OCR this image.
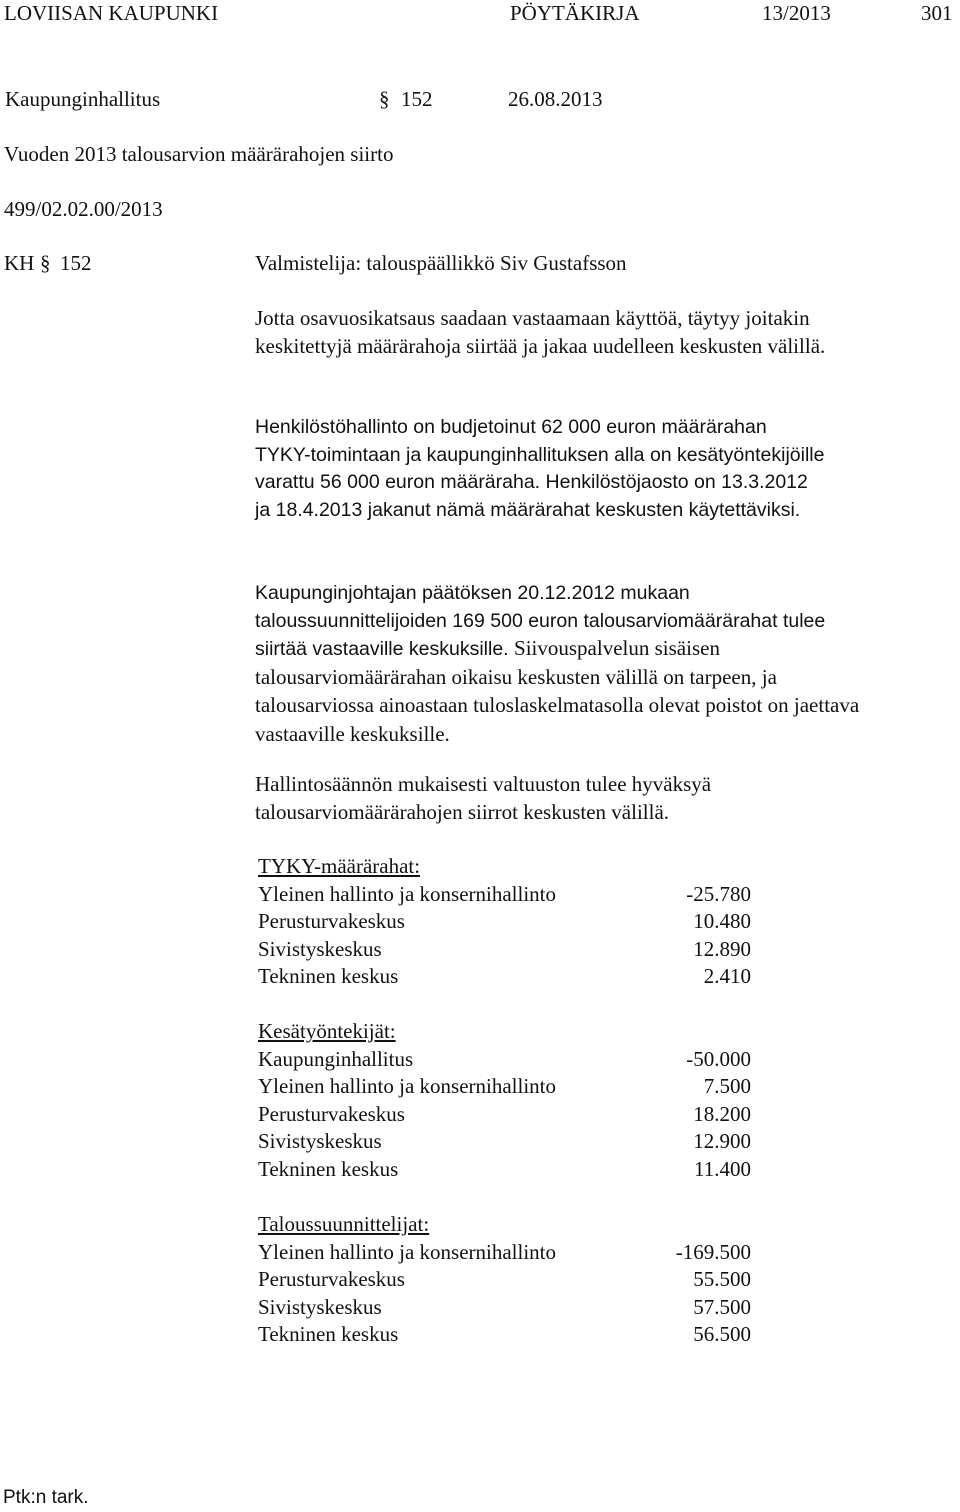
LOVIISAN KAUPUNKI	PÖYTÄKIRJA	13/2013	301
Kaupunginhallitus	§ 152	26.08.2013
Vuoden 2013 talousarvion määrärahojen siirto
499/02.02.00/2013
KH § 152	Valmistelija: talouspäällikkö Siv Gustafsson

Jotta osavuosikatsaus saadaan vastaamaan käyttöä, täytyy joitakin keskitettyjä määrärahoja siirtää ja jakaa uudelleen keskusten välillä.

Henkilöstöhallinto on budjetoinut 62 000 euron määrärahan TYKY-toimintaan ja kaupunginhallituksen alla on kesätyöntekijöille varattu 56 000 euron määräraha. Henkilöstöjaosto on 13.3.2012 ja 18.4.2013 jakanut nämä määrärahat keskusten käytettäviksi.

Kaupunginjohtajan päätöksen 20.12.2012 mukaan taloussuunnittelijoiden 169 500 euron talousarviomäärärahat tulee siirtää vastaaville keskuksille. Siivouspalvelun sisäisen talousarviomäärärahan oikaisu keskusten välillä on tarpeen, ja talousarviossa ainoastaan tuloslaskelmatasolla olevat poistot on jaettava vastaaville keskuksille.

Hallintosäännön mukaisesti valtuuston tulee hyväksyä talousarviomäärärahojen siirrot keskusten välillä.

TYKY-määrärahat:
Yleinen hallinto ja konsernihallinto	-25.780
Perusturvakeskus	10.480
Sivistyskeskus	12.890
Tekninen keskus	2.410
Kesätyöntekijät:
Kaupunginhallitus	-50.000
Yleinen hallinto ja konsernihallinto	7.500
Perusturvakeskus	18.200
Sivistyskeskus	12.900
Tekninen keskus	11.400
Taloussuunnittelijat:
Yleinen hallinto ja konsernihallinto	-169.500
Perusturvakeskus	55.500
Sivistyskeskus	57.500
Tekninen keskus	56.500
Ptk:n tark.
